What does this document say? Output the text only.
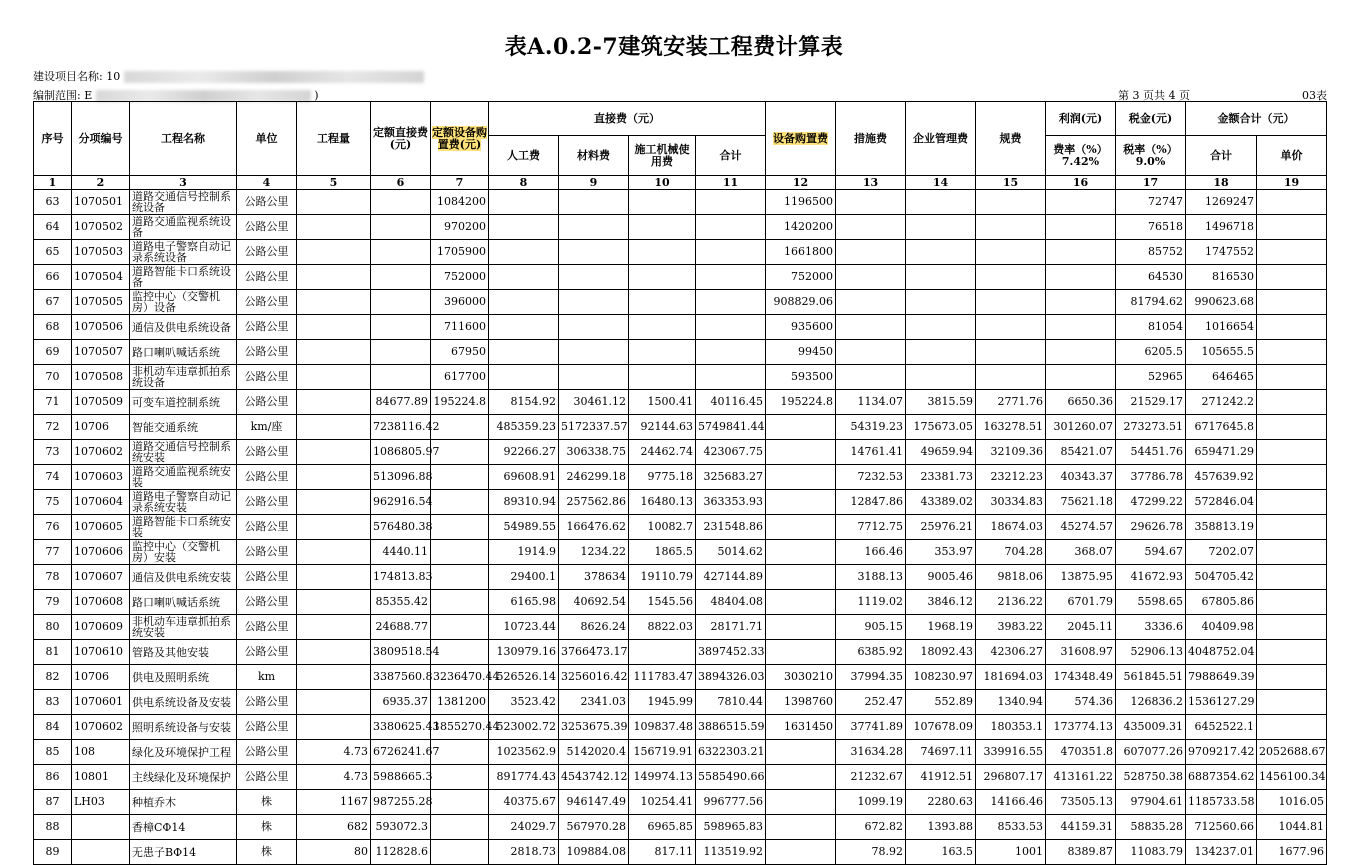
表A.0.2-7建筑安装工程费计算表
建设项目名称: 10
编制范围: E	)	第 3 页共 4 页	03表
序号	分项编号	工程名称	单位	工程量	定额直接费(元)	定额设备购置费(元)	直接费（元）				设备购置费	措施费	企业管理费	规费	利润(元)	税金(元)	金额合计（元）	
							人工费	材料费	施工机械使用费	合计					费率（%） 7.42%	税率（%） 9.0%	合计	单价
1	2	3	4	5	6	7	8	9	10	11	12	13	14	15	16	17	18	19
63	1070501	道路交通信号控制系统设备	公路公里			1084200					1196500					72747	1269247	
64	1070502	道路交通监视系统设备	公路公里			970200					1420200					76518	1496718	
65	1070503	道路电子警察自动记录系统设备	公路公里			1705900					1661800					85752	1747552	
66	1070504	道路智能卡口系统设备	公路公里			752000					752000					64530	816530	
67	1070505	监控中心（交警机房）设备	公路公里			396000					908829.06					81794.62	990623.68	
68	1070506	通信及供电系统设备	公路公里			711600					935600					81054	1016654	
69	1070507	路口喇叭喊话系统	公路公里			67950					99450					6205.5	105655.5	
70	1070508	非机动车违章抓拍系统设备	公路公里			617700					593500					52965	646465	
71	1070509	可变车道控制系统	公路公里		84677.89	195224.8	8154.92	30461.12	1500.41	40116.45	195224.8	1134.07	3815.59	2771.76	6650.36	21529.17	271242.2	
72	10706	智能交通系统	km/座		7238116.42		485359.23	5172337.57	92144.63	5749841.44		54319.23	175673.05	163278.51	301260.07	273273.51	6717645.8	
73	1070602	道路交通信号控制系统安装	公路公里		1086805.97		92266.27	306338.75	24462.74	423067.75		14761.41	49659.94	32109.36	85421.07	54451.76	659471.29	
74	1070603	道路交通监视系统安装	公路公里		513096.88		69608.91	246299.18	9775.18	325683.27		7232.53	23381.73	23212.23	40343.37	37786.78	457639.92	
75	1070604	道路电子警察自动记录系统安装	公路公里		962916.54		89310.94	257562.86	16480.13	363353.93		12847.86	43389.02	30334.83	75621.18	47299.22	572846.04	
76	1070605	道路智能卡口系统安装	公路公里		576480.38		54989.55	166476.62	10082.7	231548.86		7712.75	25976.21	18674.03	45274.57	29626.78	358813.19	
77	1070606	监控中心（交警机房）安装	公路公里		4440.11		1914.9	1234.22	1865.5	5014.62		166.46	353.97	704.28	368.07	594.67	7202.07	
78	1070607	通信及供电系统安装	公路公里		174813.83		29400.1	378634	19110.79	427144.89		3188.13	9005.46	9818.06	13875.95	41672.93	504705.42	
79	1070608	路口喇叭喊话系统	公路公里		85355.42		6165.98	40692.54	1545.56	48404.08		1119.02	3846.12	2136.22	6701.79	5598.65	67805.86	
80	1070609	非机动车违章抓拍系统安装	公路公里		24688.77		10723.44	8626.24	8822.03	28171.71		905.15	1968.19	3983.22	2045.11	3336.6	40409.98	
81	1070610	管路及其他安装	公路公里		3809518.54		130979.16	3766473.17		3897452.33		6385.92	18092.43	42306.27	31608.97	52906.13	4048752.04	
82	10706	供电及照明系统	km		3387560.8	3236470.44	526526.14	3256016.42	111783.47	3894326.03	3030210	37994.35	108230.97	181694.03	174348.49	561845.51	7988649.39	
83	1070601	供电系统设备及安装	公路公里		6935.37	1381200	3523.42	2341.03	1945.99	7810.44	1398760	252.47	552.89	1340.94	574.36	126836.2	1536127.29	
84	1070602	照明系统设备与安装	公路公里		3380625.43	1855270.44	523002.72	3253675.39	109837.48	3886515.59	1631450	37741.89	107678.09	180353.1	173774.13	435009.31	6452522.1	
85	108	绿化及环境保护工程	公路公里	4.73	6726241.67		1023562.9	5142020.4	156719.91	6322303.21		31634.28	74697.11	339916.55	470351.8	607077.26	9709217.42	2052688.67
86	10801	主线绿化及环境保护	公路公里	4.73	5988665.3		891774.43	4543742.12	149974.13	5585490.66		21232.67	41912.51	296807.17	413161.22	528750.38	6887354.62	1456100.34
87	LH03	种植乔木	株	1167	987255.28		40375.67	946147.49	10254.41	996777.56		1099.19	2280.63	14166.46	73505.13	97904.61	1185733.58	1016.05
88		香樟CΦ14	株	682	593072.3		24029.7	567970.28	6965.85	598965.83		672.82	1393.88	8533.53	44159.31	58835.28	712560.66	1044.81
89		无患子BΦ14	株	80	112828.6		2818.73	109884.08	817.11	113519.92		78.92	163.5	1001	8389.87	11083.79	134237.01	1677.96
